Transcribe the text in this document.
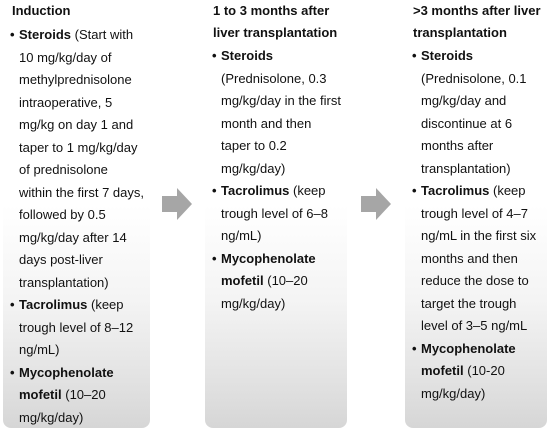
Induction

• Steroids (Start with 10 mg/kg/day of methylprednisolone intraoperative, 5 mg/kg on day 1 and taper to 1 mg/kg/day of prednisolone within the first 7 days, followed by 0.5 mg/kg/day after 14 days post-liver transplantation)
• Tacrolimus (keep trough level of 8–12 ng/mL)
• Mycophenolate mofetil (10–20 mg/kg/day)

1 to 3 months after
liver transplantation

• Steroids (Prednisolone, 0.3 mg/kg/day in the first month and then taper to 0.2 mg/kg/day)
• Tacrolimus (keep trough level of 6–8 ng/mL)
• Mycophenolate mofetil (10–20 mg/kg/day)

>3 months after liver
transplantation

• Steroids (Prednisolone, 0.1 mg/kg/day and discontinue at 6 months after transplantation)
• Tacrolimus (keep trough level of 4–7 ng/mL in the first six months and then reduce the dose to target the trough level of 3–5 ng/mL
• Mycophenolate mofetil (10-20 mg/kg/day)
